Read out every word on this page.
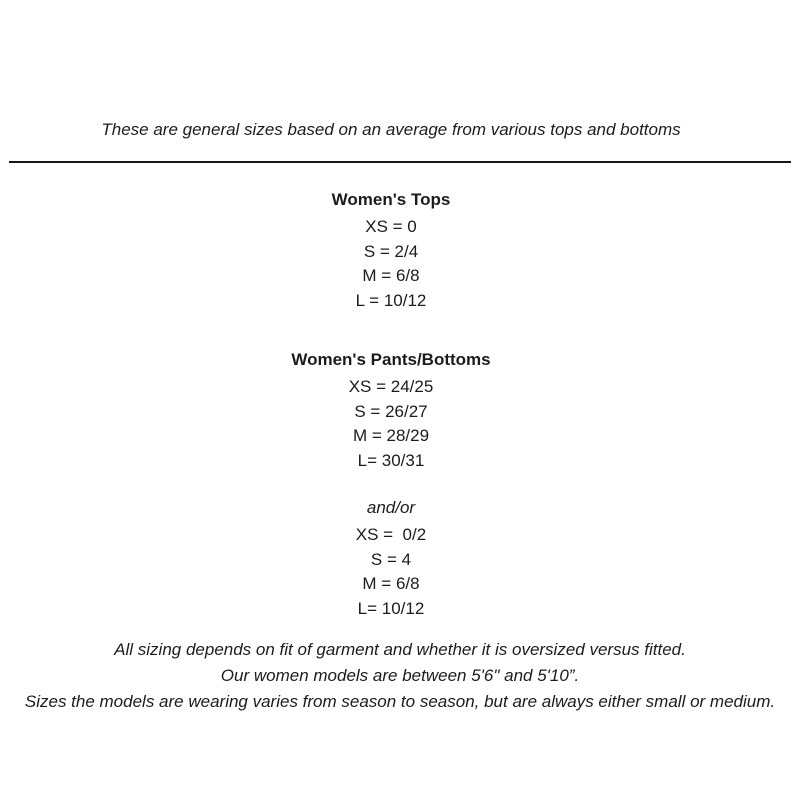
These are general sizes based on an average from various tops and bottoms

Women's Tops
XS = 0
S = 2/4
M = 6/8
L = 10/12
Women's Pants/Bottoms
XS = 24/25
S = 26/27
M = 28/29
L= 30/31
and/or
XS =  0/2
S = 4
M = 6/8
L= 10/12

All sizing depends on fit of garment and whether it is oversized versus fitted.

Our women models are between 5'6" and 5'10”.

Sizes the models are wearing varies from season to season, but are always either small or medium.
